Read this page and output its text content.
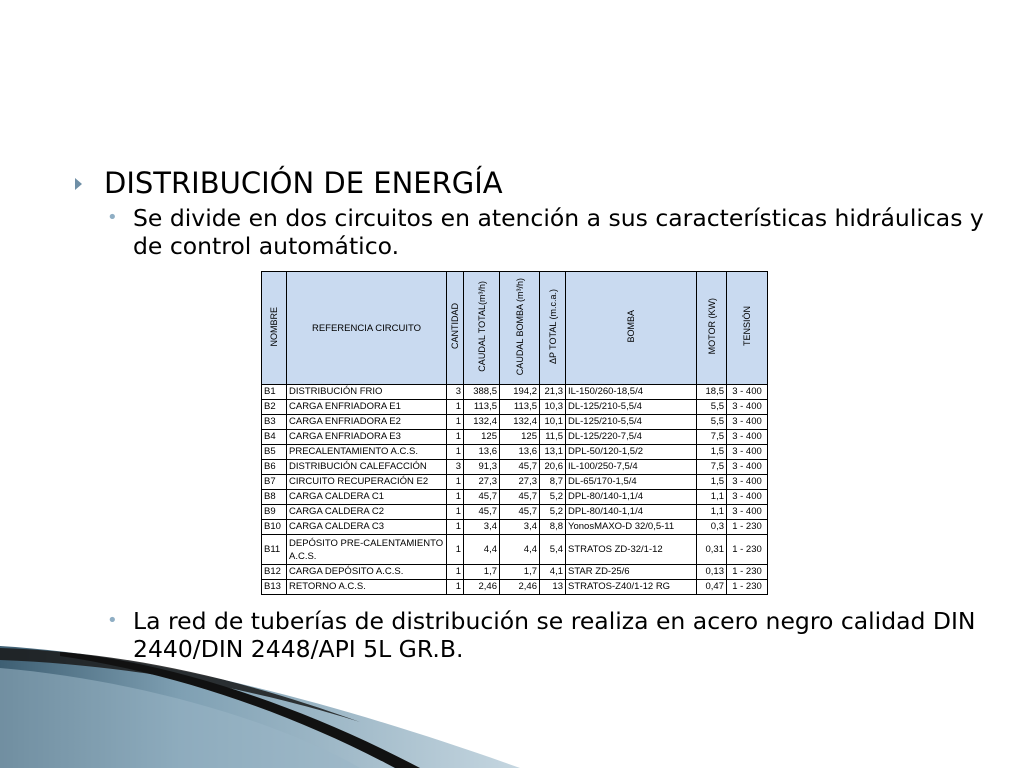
DISTRIBUCIÓN DE ENERGÍA
• Se divide en dos circuitos en atención a sus características hidráulicas y de control automático.
NOMBRE	REFERENCIA CIRCUITO	CANTIDAD	CAUDAL TOTAL(m³/h)	CAUDAL BOMBA (m³/h)	ΔP TOTAL (m.c.a.)	BOMBA	MOTOR (KW)	TENSIÓN
B1	DISTRIBUCIÓN FRIO	3	388,5	194,2	21,3	IL-150/260-18,5/4	18,5	3 - 400
B2	CARGA ENFRIADORA E1	1	113,5	113,5	10,3	DL-125/210-5,5/4	5,5	3 - 400
B3	CARGA ENFRIADORA E2	1	132,4	132,4	10,1	DL-125/210-5,5/4	5,5	3 - 400
B4	CARGA ENFRIADORA E3	1	125	125	11,5	DL-125/220-7,5/4	7,5	3 - 400
B5	PRECALENTAMIENTO A.C.S.	1	13,6	13,6	13,1	DPL-50/120-1,5/2	1,5	3 - 400
B6	DISTRIBUCIÓN CALEFACCIÓN	3	91,3	45,7	20,6	IL-100/250-7,5/4	7,5	3 - 400
B7	CIRCUITO RECUPERACIÓN E2	1	27,3	27,3	8,7	DL-65/170-1,5/4	1,5	3 - 400
B8	CARGA CALDERA C1	1	45,7	45,7	5,2	DPL-80/140-1,1/4	1,1	3 - 400
B9	CARGA CALDERA C2	1	45,7	45,7	5,2	DPL-80/140-1,1/4	1,1	3 - 400
B10	CARGA CALDERA C3	1	3,4	3,4	8,8	YonosMAXO-D 32/0,5-11	0,3	1 - 230
B11	DEPÓSITO PRE-CALENTAMIENTO A.C.S.	1	4,4	4,4	5,4	STRATOS ZD-32/1-12	0,31	1 - 230
B12	CARGA DEPÓSITO A.C.S.	1	1,7	1,7	4,1	STAR ZD-25/6	0,13	1 - 230
B13	RETORNO A.C.S.	1	2,46	2,46	13	STRATOS-Z40/1-12 RG	0,47	1 - 230
• La red de tuberías de distribución se realiza en acero negro calidad DIN 2440/DIN 2448/API 5L GR.B.
